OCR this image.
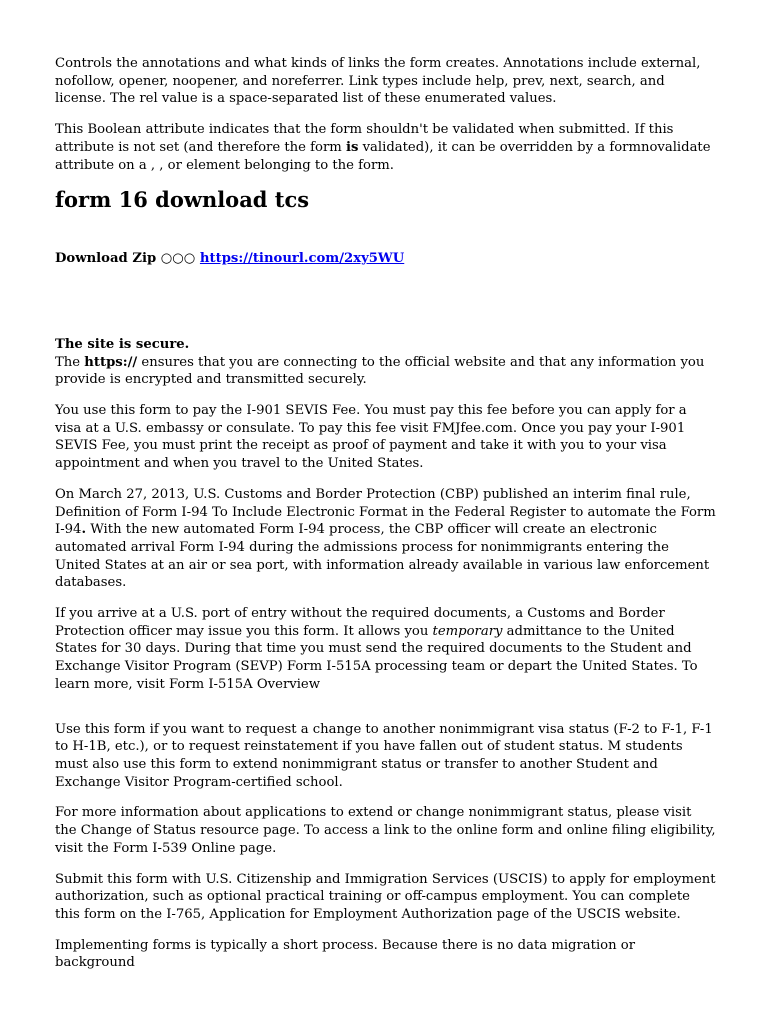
Controls the annotations and what kinds of links the form creates. Annotations include external, nofollow, opener, noopener, and noreferrer. Link types include help, prev, next, search, and license. The rel value is a space-separated list of these enumerated values.

This Boolean attribute indicates that the form shouldn't be validated when submitted. If this attribute is not set (and therefore the form is validated), it can be overridden by a formnovalidate attribute on a , , or element belonging to the form.

form 16 download tcs
Download Zip ○○○ https://tinourl.com/2xy5WU
The site is secure.

The https:// ensures that you are connecting to the official website and that any information you provide is encrypted and transmitted securely.

You use this form to pay the I-901 SEVIS Fee. You must pay this fee before you can apply for a visa at a U.S. embassy or consulate. To pay this fee visit FMJfee.com. Once you pay your I-901 SEVIS Fee, you must print the receipt as proof of payment and take it with you to your visa appointment and when you travel to the United States.

On March 27, 2013, U.S. Customs and Border Protection (CBP) published an interim final rule, Definition of Form I-94 To Include Electronic Format in the Federal Register to automate the Form I-94. With the new automated Form I-94 process, the CBP officer will create an electronic automated arrival Form I-94 during the admissions process for nonimmigrants entering the United States at an air or sea port, with information already available in various law enforcement databases.

If you arrive at a U.S. port of entry without the required documents, a Customs and Border Protection officer may issue you this form. It allows you temporary admittance to the United States for 30 days. During that time you must send the required documents to the Student and Exchange Visitor Program (SEVP) Form I-515A processing team or depart the United States. To learn more, visit Form I-515A Overview

Use this form if you want to request a change to another nonimmigrant visa status (F-2 to F-1, F-1 to H-1B, etc.), or to request reinstatement if you have fallen out of student status. M students must also use this form to extend nonimmigrant status or transfer to another Student and Exchange Visitor Program-certified school.

For more information about applications to extend or change nonimmigrant status, please visit the Change of Status resource page. To access a link to the online form and online filing eligibility, visit the Form I-539 Online page.

Submit this form with U.S. Citizenship and Immigration Services (USCIS) to apply for employment authorization, such as optional practical training or off-campus employment. You can complete this form on the I-765, Application for Employment Authorization page of the USCIS website.

Implementing forms is typically a short process. Because there is no data migration or background
